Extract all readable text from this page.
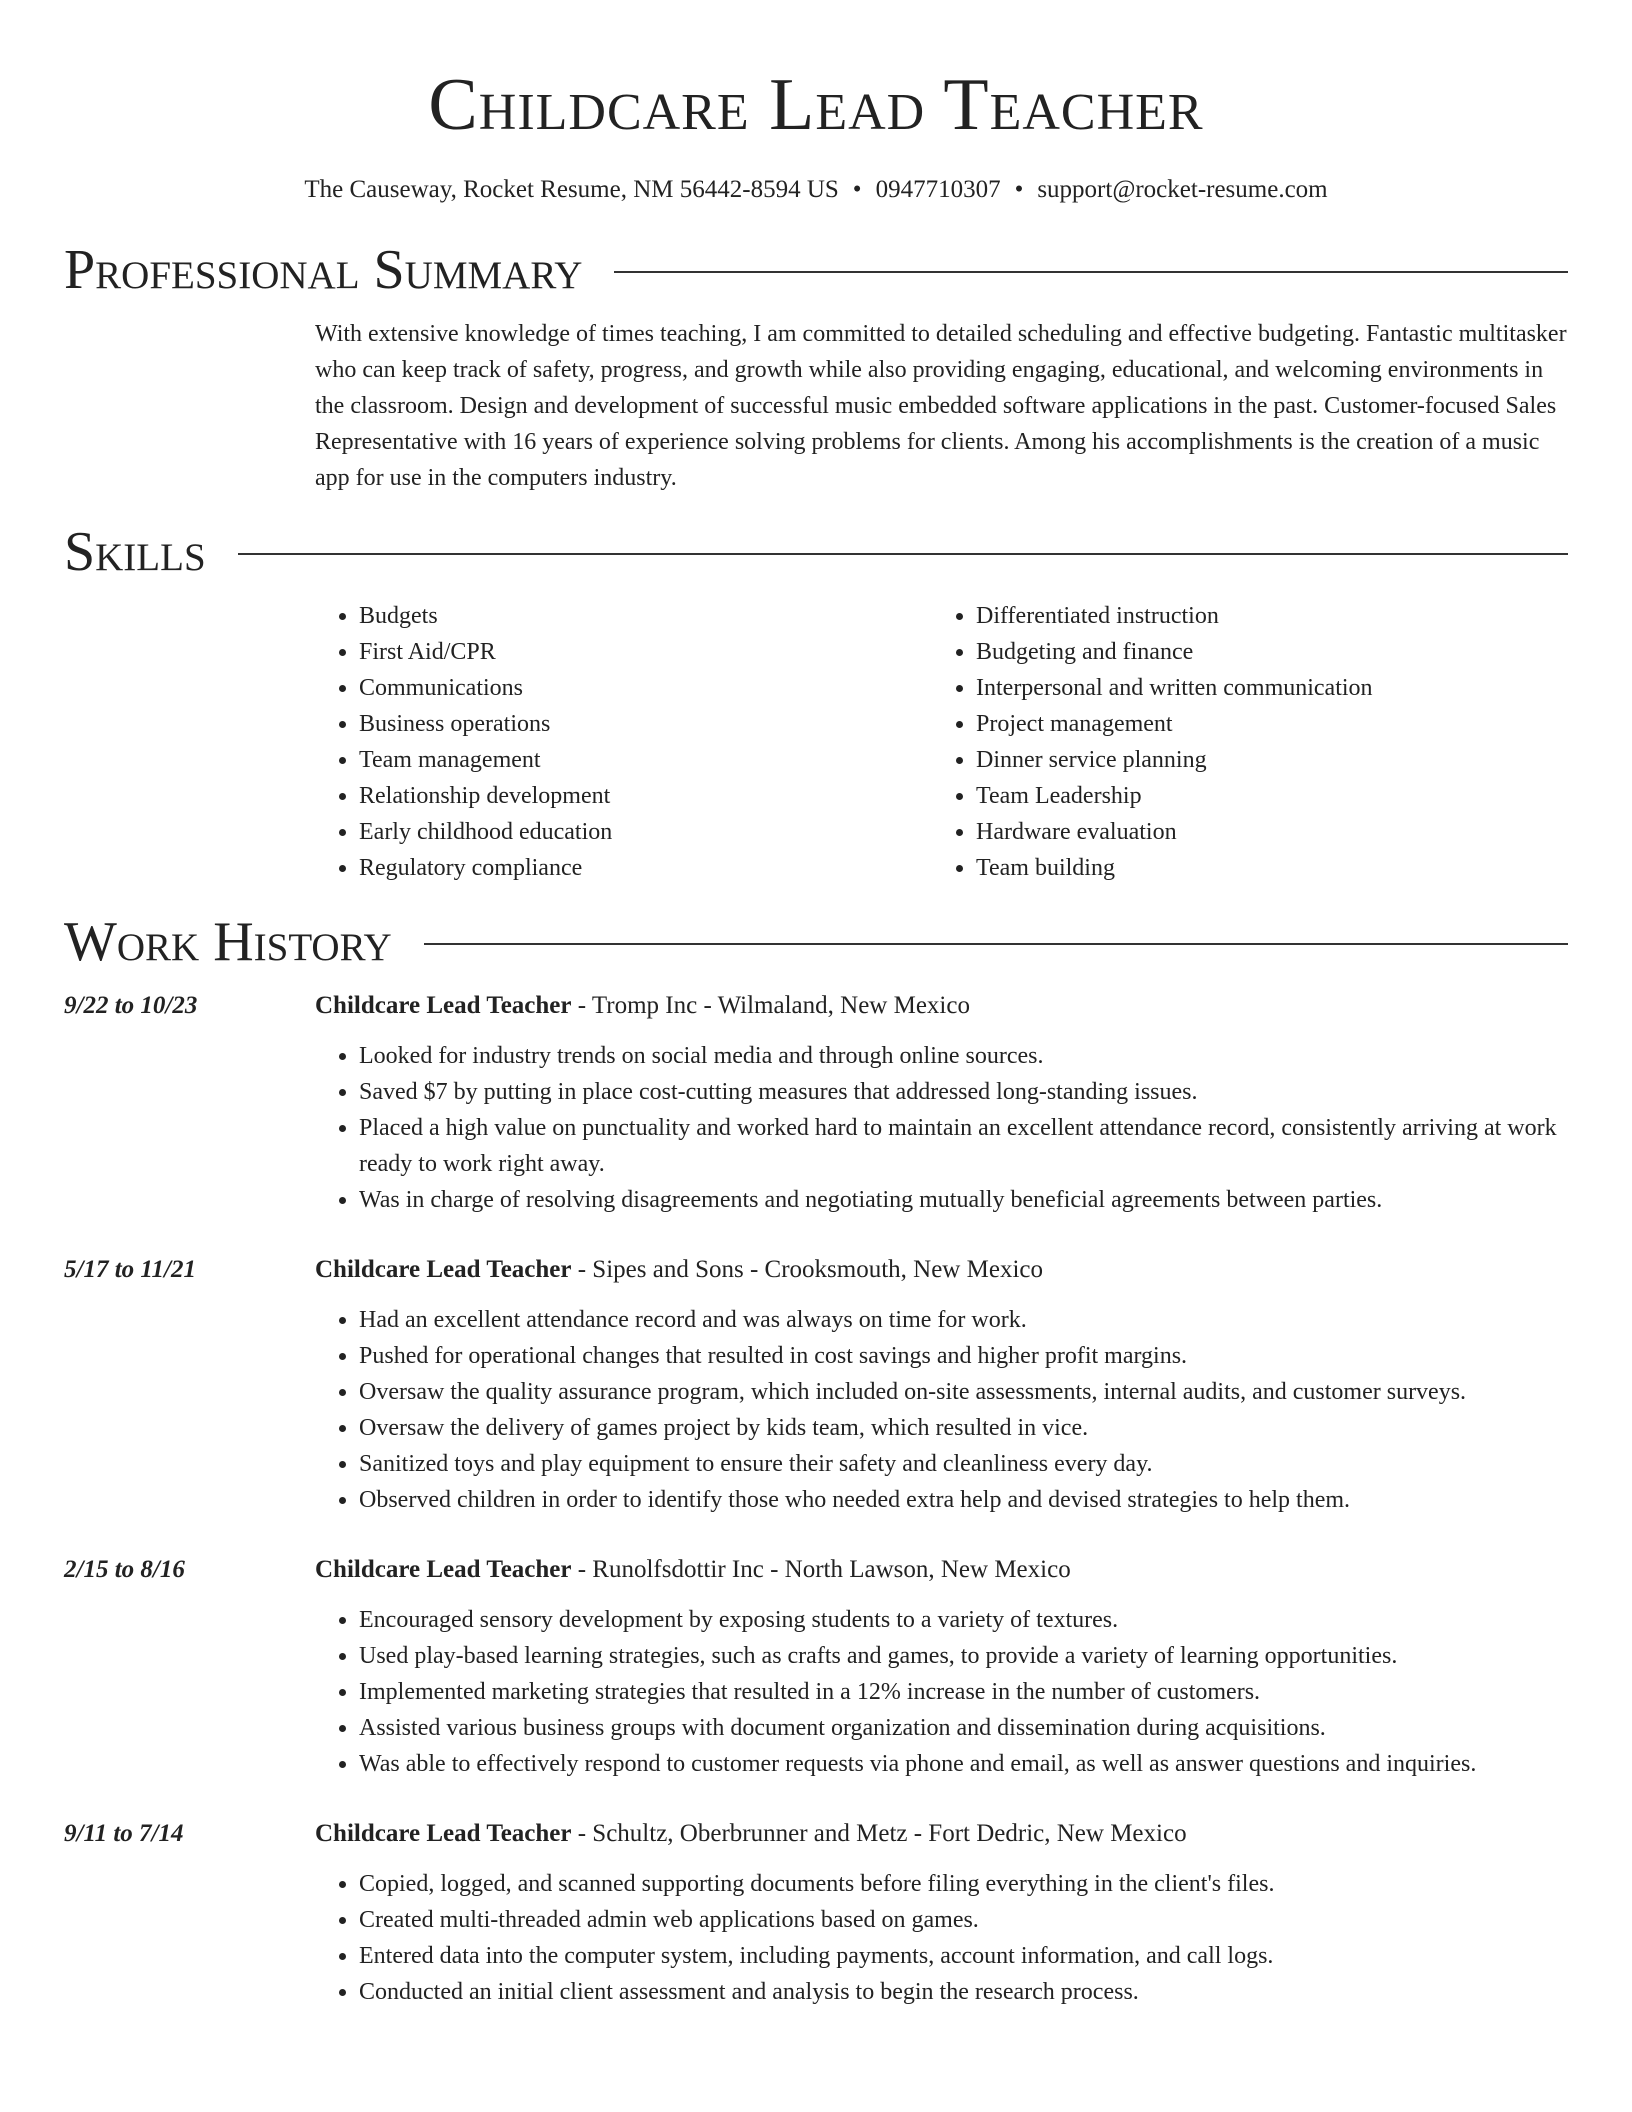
Childcare Lead Teacher
The Causeway, Rocket Resume, NM 56442-8594 US • 0947710307 • support@rocket-resume.com
Professional Summary

With extensive knowledge of times teaching, I am committed to detailed scheduling and effective budgeting. Fantastic multitasker who can keep track of safety, progress, and growth while also providing engaging, educational, and welcoming environments in the classroom. Design and development of successful music embedded software applications in the past. Customer-focused Sales Representative with 16 years of experience solving problems for clients. Among his accomplishments is the creation of a music app for use in the computers industry.

Skills
• Budgets
• First Aid/CPR
• Communications
• Business operations
• Team management
• Relationship development
• Early childhood education
• Regulatory compliance
• Differentiated instruction
• Budgeting and finance
• Interpersonal and written communication
• Project management
• Dinner service planning
• Team Leadership
• Hardware evaluation
• Team building
Work History
9/22 to 10/23	Childcare Lead Teacher - Tromp Inc - Wilmaland, New Mexico
• Looked for industry trends on social media and through online sources.
• Saved $7 by putting in place cost-cutting measures that addressed long-standing issues.
• Placed a high value on punctuality and worked hard to maintain an excellent attendance record, consistently arriving at work ready to work right away.
• Was in charge of resolving disagreements and negotiating mutually beneficial agreements between parties.
5/17 to 11/21	Childcare Lead Teacher - Sipes and Sons - Crooksmouth, New Mexico
• Had an excellent attendance record and was always on time for work.
• Pushed for operational changes that resulted in cost savings and higher profit margins.
• Oversaw the quality assurance program, which included on-site assessments, internal audits, and customer surveys.
• Oversaw the delivery of games project by kids team, which resulted in vice.
• Sanitized toys and play equipment to ensure their safety and cleanliness every day.
• Observed children in order to identify those who needed extra help and devised strategies to help them.
2/15 to 8/16	Childcare Lead Teacher - Runolfsdottir Inc - North Lawson, New Mexico
• Encouraged sensory development by exposing students to a variety of textures.
• Used play-based learning strategies, such as crafts and games, to provide a variety of learning opportunities.
• Implemented marketing strategies that resulted in a 12% increase in the number of customers.
• Assisted various business groups with document organization and dissemination during acquisitions.
• Was able to effectively respond to customer requests via phone and email, as well as answer questions and inquiries.
9/11 to 7/14	Childcare Lead Teacher - Schultz, Oberbrunner and Metz - Fort Dedric, New Mexico
• Copied, logged, and scanned supporting documents before filing everything in the client's files.
• Created multi-threaded admin web applications based on games.
• Entered data into the computer system, including payments, account information, and call logs.
• Conducted an initial client assessment and analysis to begin the research process.
